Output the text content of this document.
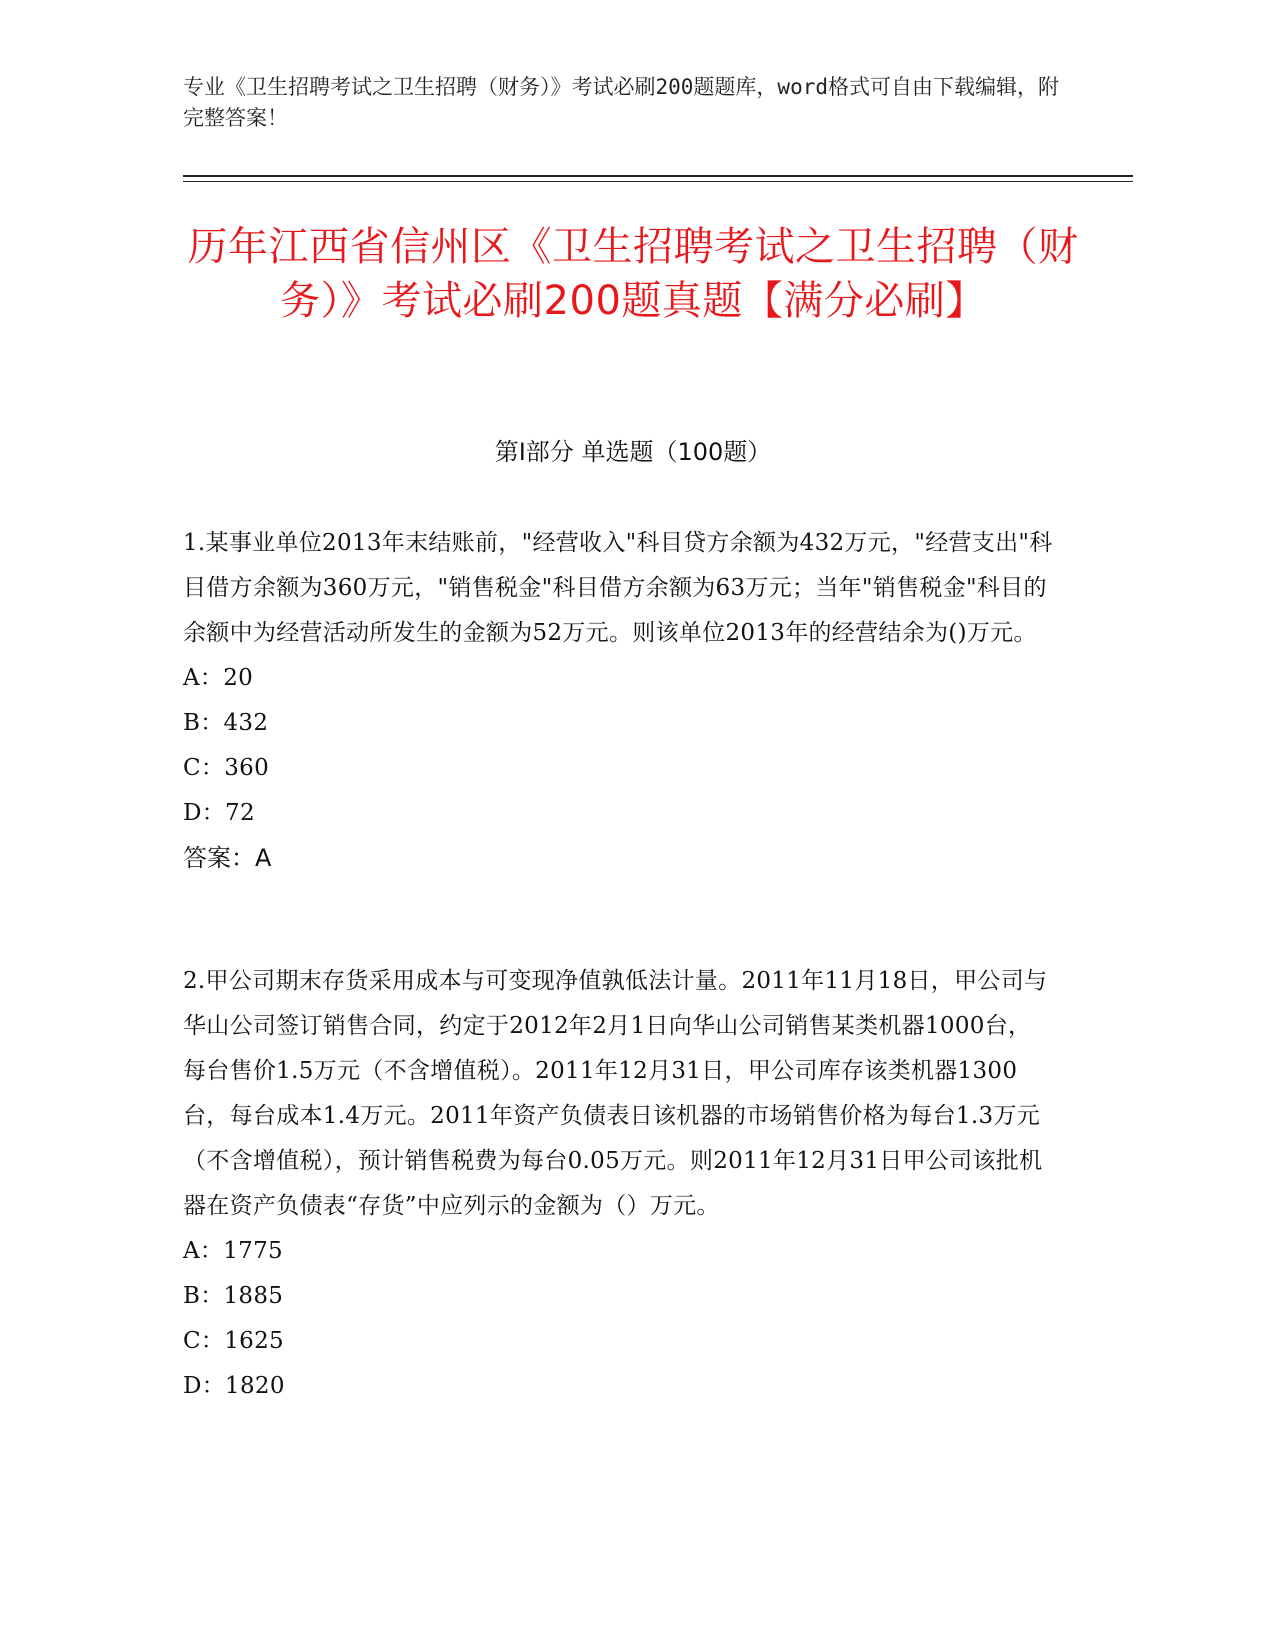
专业《卫生招聘考试之卫生招聘（财务）》考试必刷200题题库，word格式可自由下载编辑，附完整答案！
历年江西省信州区《卫生招聘考试之卫生招聘（财务）》考试必刷200题真题【满分必刷】
第I部分 单选题（100题）
1.某事业单位2013年末结账前，"经营收入"科目贷方余额为432万元，"经营支出"科目借方余额为360万元，"销售税金"科目借方余额为63万元；当年"销售税金"科目的余额中为经营活动所发生的金额为52万元。则该单位2013年的经营结余为()万元。
A：20
B：432
C：360
D：72
答案：A
2.甲公司期末存货采用成本与可变现净值孰低法计量。2011年11月18日，甲公司与华山公司签订销售合同，约定于2012年2月1日向华山公司销售某类机器1000台，每台售价1.5万元（不含增值税）。2011年12月31日，甲公司库存该类机器1300台，每台成本1.4万元。2011年资产负债表日该机器的市场销售价格为每台1.3万元（不含增值税），预计销售税费为每台0.05万元。则2011年12月31日甲公司该批机器在资产负债表“存货”中应列示的金额为（）万元。
A：1775
B：1885
C：1625
D：1820
